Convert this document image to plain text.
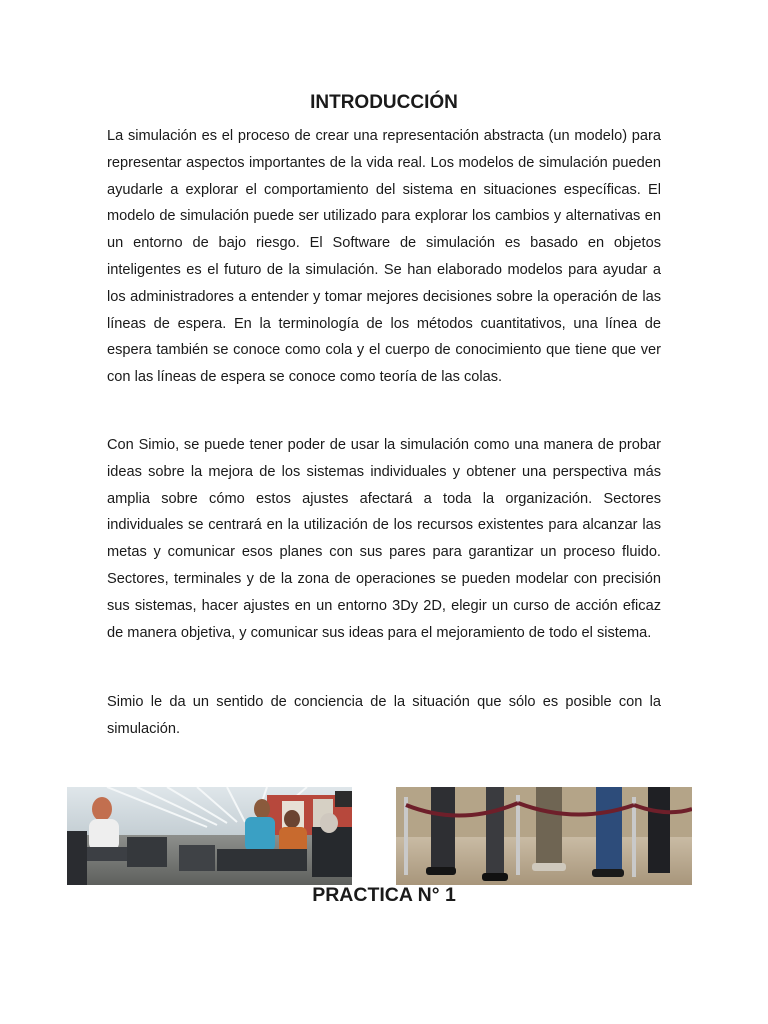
INTRODUCCIÓN

La simulación es el proceso de crear una representación abstracta (un modelo) para representar aspectos importantes de la vida real. Los modelos de simulación pueden ayudarle a explorar el comportamiento del sistema en situaciones específicas. El modelo de simulación puede ser utilizado para explorar los cambios y alternativas en un entorno de bajo riesgo. El Software de simulación es basado en objetos inteligentes es el futuro de la simulación. Se han elaborado modelos para ayudar a los administradores a entender y tomar mejores decisiones sobre la operación de las líneas de espera. En la terminología de los métodos cuantitativos, una línea de espera también se conoce como cola y el cuerpo de conocimiento que tiene que ver con las líneas de espera se conoce como teoría de las colas.

Con Simio, se puede tener poder de usar la simulación como una manera de probar ideas sobre la mejora de los sistemas individuales y obtener una perspectiva más amplia sobre cómo estos ajustes afectará a toda la organización. Sectores individuales se centrará en la utilización de los recursos existentes para alcanzar las metas y comunicar esos planes con sus pares para garantizar un proceso fluido. Sectores, terminales y de la zona de operaciones se pueden modelar con precisión sus sistemas, hacer ajustes en un entorno 3Dy 2D, elegir un curso de acción eficaz de manera objetiva, y comunicar sus ideas para el mejoramiento de todo el sistema.

Simio le da un sentido de conciencia de la situación que sólo es posible con la simulación.

PRACTICA N° 1
